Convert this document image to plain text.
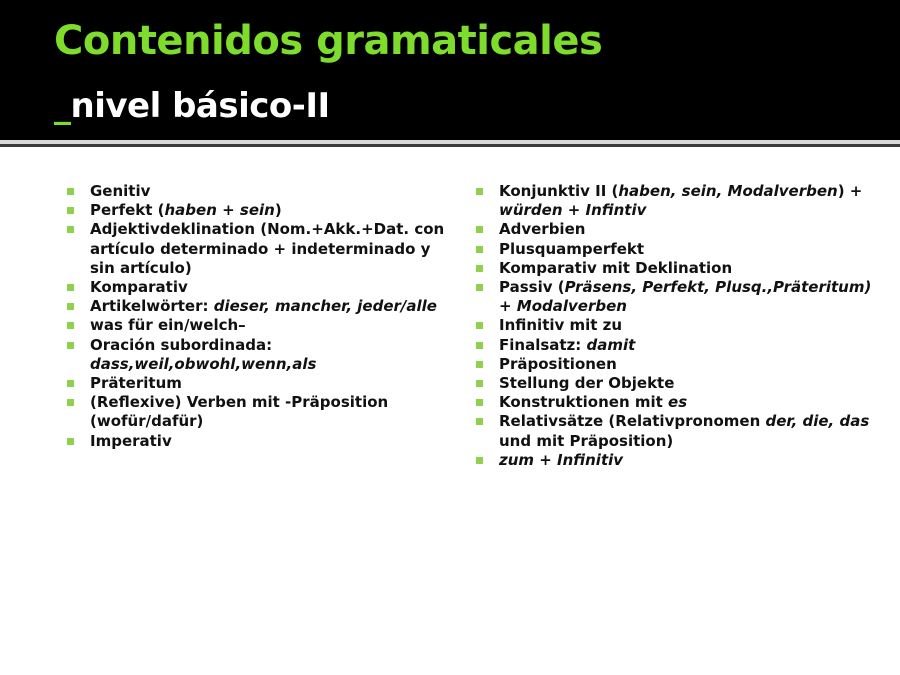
Contenidos gramaticales
_nivel básico-II
Genitiv
Perfekt (haben + sein)
Adjektivdeklination (Nom.+Akk.+Dat. con artículo determinado + indeterminado y sin artículo)
Komparativ
Artikelwörter: dieser, mancher, jeder/alle
was für ein/welch–
Oración subordinada: dass,weil,obwohl,wenn,als
Präteritum
(Reflexive) Verben mit -Präposition (wofür/dafür)
Imperativ
Konjunktiv II (haben, sein, Modalverben) + würden + Infintiv
Adverbien
Plusquamperfekt
Komparativ mit Deklination
Passiv (Präsens, Perfekt, Plusq.,Präteritum) + Modalverben
Infinitiv mit zu
Finalsatz: damit
Präpositionen
Stellung der Objekte
Konstruktionen mit es
Relativsätze (Relativpronomen der, die, das und mit Präposition)
zum + Infinitiv
